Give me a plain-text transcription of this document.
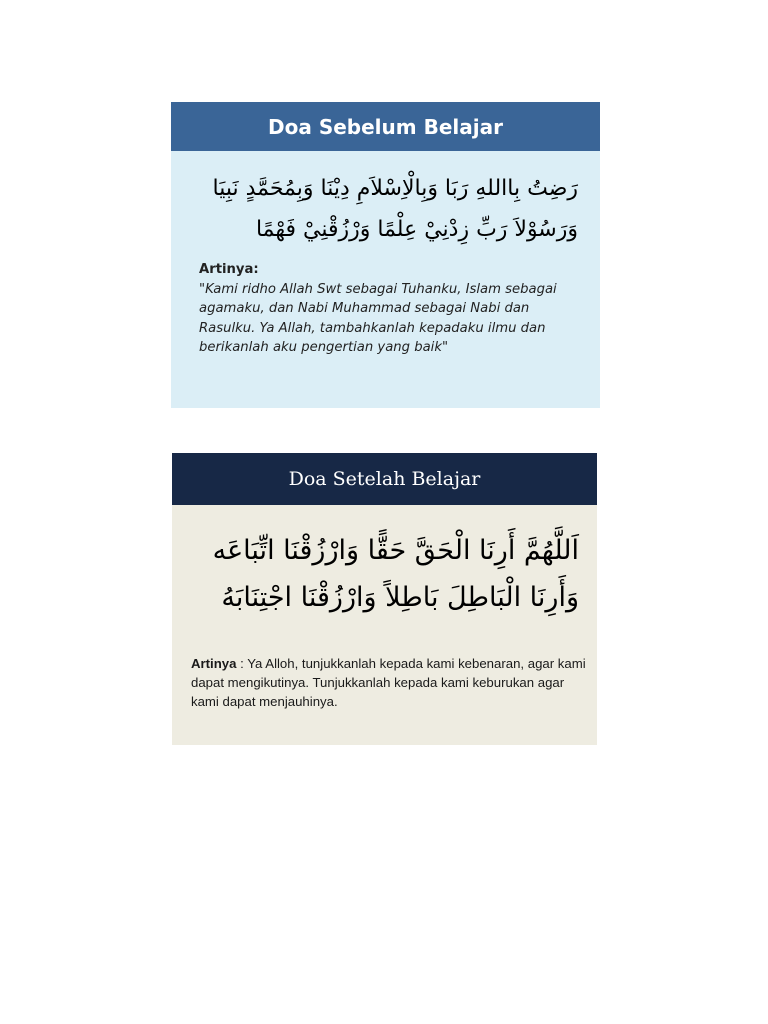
Doa Sebelum Belajar
رَضِتُ بِااللهِ رَبَا وَبِالْاِسْلاَمِ دِيْنَا وَبِمُحَمَّدٍ نَبِيَا
وَرَسُوْلاَ رَبِّ زِدْنِيْ عِلْمًا وَرْزُقْنِيْ فَهْمًا
Artinya:
"Kami ridho Allah Swt sebagai Tuhanku, Islam sebagai agamaku, dan Nabi Muhammad sebagai Nabi dan Rasulku. Ya Allah, tambahkanlah kepadaku ilmu dan berikanlah aku pengertian yang baik"
Doa Setelah Belajar
اَللَّهُمَّ أَرِنَا الْحَقَّ حَقًّا وَارْزُقْنَا اتِّبَاعَه
وَأَرِنَا الْبَاطِلَ بَاطِلاً وَارْزُقْنَا اجْتِنَابَهُ
Artinya : Ya Alloh, tunjukkanlah kepada kami kebenaran, agar kami dapat mengikutinya. Tunjukkanlah kepada kami keburukan agar kami dapat menjauhinya.
